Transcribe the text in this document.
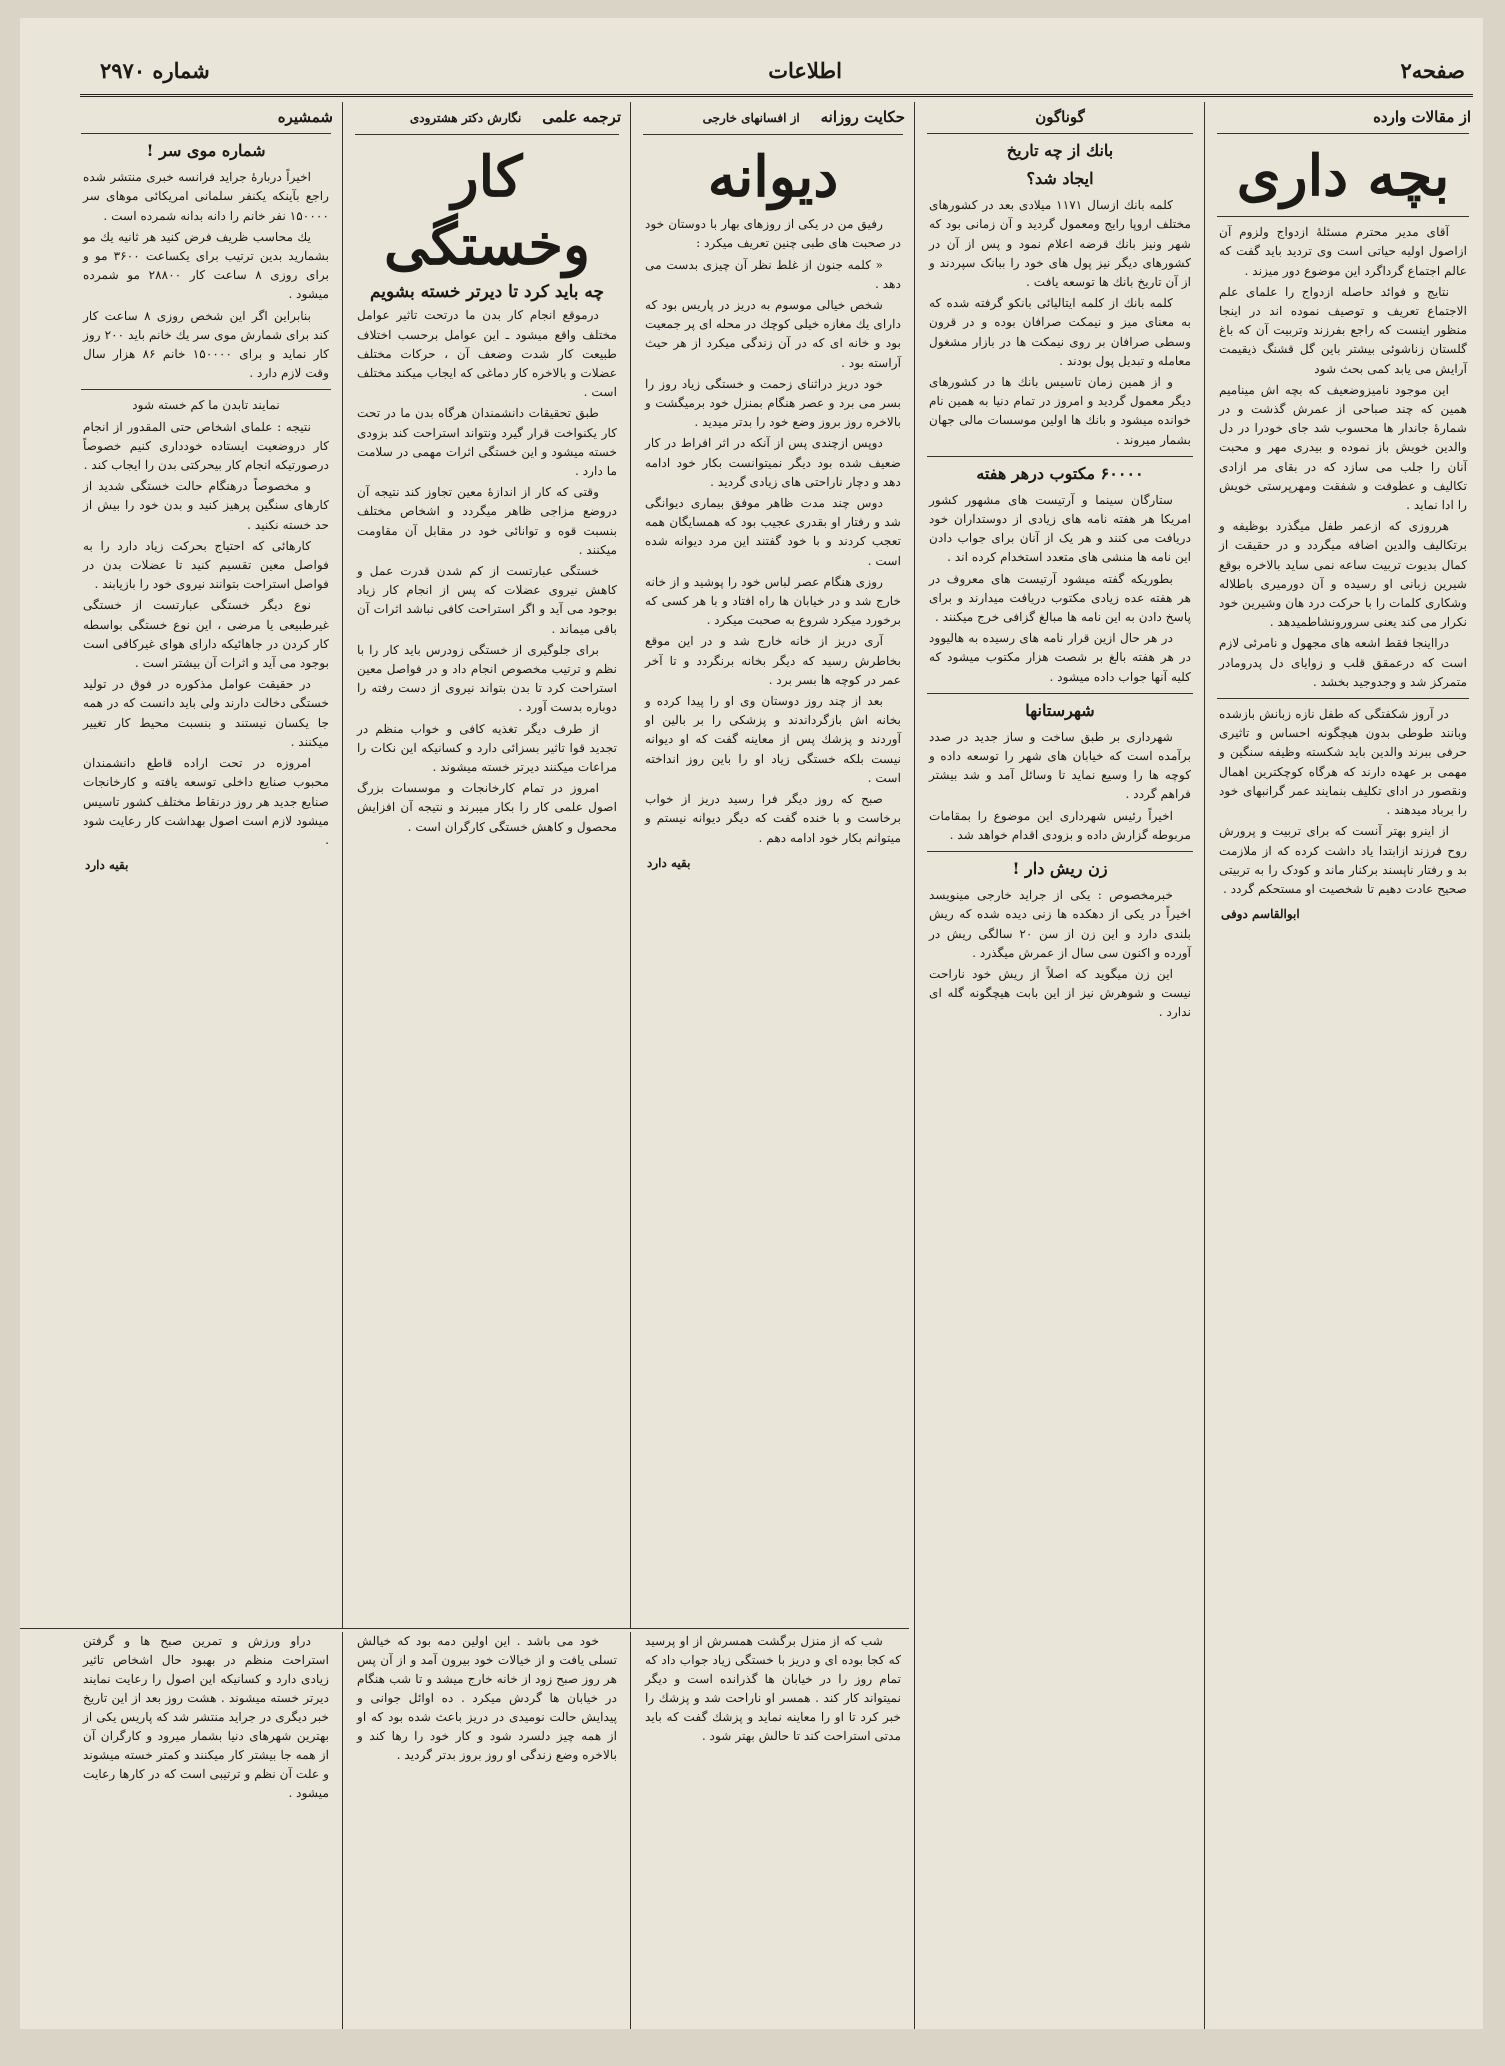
صفحه۲
اطلاعات
شماره ۲۹۷۰
از مقالات وارده
بچه داری

آقای مدیر محترم مسئلهٔ ازدواج ولزوم آن ازاصول اولیه حیاتی است وی تردید باید گفت که عالم اجتماع گرداگرد این موضوع دور میزند .

نتایج و فوائد حاصله ازدواج را علمای علم الاجتماع تعریف و توصیف نموده اند در اینجا منظور اینست که راجع بفرزند وتربیت آن که باغ گلستان زناشوئی بیشتر باین گل قشنگ ذیقیمت آرایش می یابد کمی بحث شود

این موجود نامیزوضعیف که بچه اش مینامیم همین که چند صباحی از عمرش گذشت و در شمارهٔ جاندار ها محسوب شد جای خودرا در دل والدین خویش باز نموده و بیدری مهر و محبت آنان را جلب می سازد که در بقای مر ازادی تکالیف و عطوفت و شفقت ومهرپرستی خویش را ادا نماید .

هرروزی که ازعمر طفل میگذرد بوظیفه و برتکالیف والدین اضافه میگردد و در حقیقت از کمال بدیوت تربیت ساعه نمی ساید بالاخره بوقع شیرین زبانی او رسیده و آن دورمیری باطلاله وشکاری کلمات را با حرکت درد هان وشیرین خود نکرار می کند یعنی سرورونشاطمیدهد .

درااینجا فقط اشعه های مجهول و نامرئی لازم است که درعمقق قلب و زوایای دل پدرومادر متمرکز شد و وجدوجید بخشد .

در آروز شکفتگی که طفل نازه زبانش بازشده وبانند طوطی بدون هیچگونه احساس و تاثیری حرفی ببرند والدین باید شکسته وظیفه سنگین و مهمی بر عهده دارند که هرگاه کوچکترین اهمال ونقصور در ادای تکلیف بنمایند عمر گرانبهای خود را برباد میدهند .

از اینرو بهتر آنست که برای تربیت و پرورش روح فرزند ازابتدا یاد داشت کرده که از ملازمت بد و رفتار ناپسند برکنار ماند و کودک را به تربیتی صحیح عادت دهیم تا شخصیت او مستحکم گردد .

ابوالقاسم دوفی
گوناگون
بانك از چه تاریخ
ایجاد شد؟

کلمه بانك ازسال ۱۱۷۱ میلادی بعد در کشورهای مختلف اروپا رایج ومعمول گردید و آن زمانی بود که شهر ونیز بانك قرضه اعلام نمود و پس از آن در کشورهای دیگر نیز پول های خود را ببانک سپردند و از آن تاریخ بانك ها توسعه یافت .

کلمه بانك از کلمه ایتالیائی بانکو گرفته شده که به معنای میز و نیمکت صرافان بوده و در قرون وسطی صرافان بر روی نیمکت ها در بازار مشغول معامله و تبدیل پول بودند .

و از همین زمان تاسیس بانك ها در کشورهای دیگر معمول گردید و امروز در تمام دنیا به همین نام خوانده میشود و بانك ها اولین موسسات مالی جهان بشمار میروند .

۶۰۰۰۰ مکتوب درهر هفته

ستارگان سینما و آرتیست های مشهور کشور امریکا هر هفته نامه های زیادی از دوستداران خود دریافت می کنند و هر یک از آنان برای جواب دادن این نامه ها منشی های متعدد استخدام کرده اند .

بطوریکه گفته میشود آرتیست های معروف در هر هفته عده زیادی مکتوب دریافت میدارند و برای پاسخ دادن به این نامه ها مبالغ گزافی خرج میکنند .

در هر حال ازین قرار نامه های رسیده به هالیوود در هر هفته بالغ بر شصت هزار مکتوب میشود که کلیه آنها جواب داده میشود .

شهرستانها

شهرداری بر طبق ساخت و ساز جدید در صدد برآمده است که خیابان های شهر را توسعه داده و کوچه ها را وسیع نماید تا وسائل آمد و شد بیشتر فراهم گردد .

اخیراً رئیس شهرداری این موضوع را بمقامات مربوطه گزارش داده و بزودی اقدام خواهد شد .

زن ریش دار !

خبرمخصوص : یکی از جراید خارجی مینویسد اخیراً در یکی از دهکده ها زنی دیده شده که ریش بلندی دارد و این زن از سن ۲۰ سالگی ریش در آورده و اکنون سی سال از عمرش میگذرد .

این زن میگوید که اصلاً از ریش خود ناراحت نیست و شوهرش نیز از این بابت هیچگونه گله ای ندارد .

حکایت روزانه    از افسانهای خارجی
دیوانه

رفیق من در یکی از روزهای بهار با دوستان خود در صحبت های طبی چنین تعریف میکرد :

« کلمه جنون از غلط نظر آن چیزی بدست می دهد .

شخص خیالی موسوم به دریز در پاریس بود که دارای یك مغازه خیلی کوچك در محله ای پر جمعیت بود و خانه ای که در آن زندگی میکرد از هر حیث آراسته بود .

خود دریز دراثنای زحمت و خستگی زیاد روز را بسر می برد و عصر هنگام بمنزل خود برمیگشت و بالاخره روز بروز وضع خود را بدتر میدید .

دوپس ازچندی پس از آنکه در اثر افراط در کار ضعیف شده بود دیگر نمیتوانست بکار خود ادامه دهد و دچار ناراحتی های زیادی گردید .

دوس چند مدت ظاهر موفق بیماری دیوانگی شد و رفتار او بقدری عجیب بود که همسایگان همه تعجب کردند و با خود گفتند این مرد دیوانه شده است .

روزی هنگام عصر لباس خود را پوشید و از خانه خارج شد و در خیابان ها راه افتاد و با هر کسی که برخورد میکرد شروع به صحبت میکرد .

آری دریز از خانه خارج شد و در این موقع بخاطرش رسید که دیگر بخانه برنگردد و تا آخر عمر در کوچه ها بسر برد .

بعد از چند روز دوستان وی او را پیدا کرده و بخانه اش بازگرداندند و پزشکی را بر بالین او آوردند و پزشك پس از معاینه گفت که او دیوانه نیست بلکه خستگی زیاد او را باین روز انداخته است .

صبح که روز دیگر فرا رسید دریز از خواب برخاست و با خنده گفت که دیگر دیوانه نیستم و میتوانم بکار خود ادامه دهم .

بقیه دارد
ترجمه علمی    نگارش دکتر هشترودی
کار وخستگی
چه باید کرد تا دیرتر خسته بشویم

درموقع انجام کار بدن ما درتحت تاثیر عوامل مختلف واقع میشود ـ این عوامل برحسب اختلاف طبیعت کار شدت وضعف آن ، حرکات مختلف عضلات و بالاخره کار دماغی که ایجاب میکند مختلف است .

طبق تحقیقات دانشمندان هرگاه بدن ما در تحت کار یکنواخت قرار گیرد ونتواند استراحت کند بزودی خسته میشود و این خستگی اثرات مهمی در سلامت ما دارد .

وقتی که کار از اندازهٔ معین تجاوز کند نتیجه آن دروضع مزاجی ظاهر میگردد و اشخاص مختلف بنسبت قوه و توانائی خود در مقابل آن مقاومت میکنند .

خستگی عبارتست از کم شدن قدرت عمل و کاهش نیروی عضلات که پس از انجام کار زیاد بوجود می آید و اگر استراحت کافی نباشد اثرات آن باقی میماند .

برای جلوگیری از خستگی زودرس باید کار را با نظم و ترتیب مخصوص انجام داد و در فواصل معین استراحت کرد تا بدن بتواند نیروی از دست رفته را دوباره بدست آورد .

از طرف دیگر تغذیه کافی و خواب منظم در تجدید قوا تاثیر بسزائی دارد و کسانیکه این نکات را مراعات میکنند دیرتر خسته میشوند .

امروز در تمام کارخانجات و موسسات بزرگ اصول علمی کار را بکار میبرند و نتیجه آن افزایش محصول و کاهش خستگی کارگران است .

شمشیره
شماره موی سر !

اخیراً دربارهٔ جراید فرانسه خبری منتشر شده راجع بآینکه یکنفر سلمانی امریکائی موهای سر ۱۵۰۰۰۰ نفر خانم را دانه بدانه شمرده است .

یك محاسب ظریف فرض کنید هر ثانیه یك مو بشمارید بدین ترتیب برای یکساعت ۳۶۰۰ مو و برای روزی ۸ ساعت کار ۲۸۸۰۰ مو شمرده میشود .

بنابراین اگر این شخص روزی ۸ ساعت کار کند برای شمارش موی سر یك خانم باید ۲۰۰ روز کار نماید و برای ۱۵۰۰۰۰ خانم ۸۶ هزار سال وقت لازم دارد .

نمایند تابدن ما کم خسته شود

نتیجه : علمای اشخاص حتی المقدور از انجام کار دروضعیت ایستاده خودداری کنیم خصوصاً درصورتیکه انجام کار بیحرکتی بدن را ایجاب کند .

و مخصوصاً درهنگام حالت خستگی شدید از کارهای سنگین پرهیز کنید و بدن خود را بیش از حد خسته نکنید .

کارهائی که احتیاج بحرکت زیاد دارد را به فواصل معین تقسیم کنید تا عضلات بدن در فواصل استراحت بتوانند نیروی خود را بازیابند .

نوع دیگر خستگی عبارتست از خستگی غیرطبیعی یا مرضی ، این نوع خستگی بواسطه کار کردن در جاهائیکه دارای هوای غیرکافی است بوجود می آید و اثرات آن بیشتر است .

در حقیقت عوامل مذکوره در فوق در تولید خستگی دخالت دارند ولی باید دانست که در همه جا یکسان نیستند و بنسبت محیط کار تغییر میکنند .

امروزه در تحت اراده قاطع دانشمندان محبوب صنایع داخلی توسعه یافته و کارخانجات صنایع جدید هر روز درنقاط مختلف کشور تاسیس میشود لازم است اصول بهداشت کار رعایت شود .

بقیه دارد

شب که از منزل برگشت همسرش از او پرسید که کجا بوده ای و دریز با خستگی زیاد جواب داد که تمام روز را در خیابان ها گذرانده است و دیگر نمیتواند کار کند . همسر او ناراحت شد و پزشك را خبر کرد تا او را معاینه نماید و پزشك گفت که باید مدتی استراحت کند تا حالش بهتر شود .

خود می باشد . این اولین دمه بود که خیالش تسلی یافت و از خیالات خود بیرون آمد و از آن پس هر روز صبح زود از خانه خارج میشد و تا شب هنگام در خیابان ها گردش میکرد . ده اوائل جوانی و پیدایش حالت نومیدی در دریز باعث شده بود که او از همه چیز دلسرد شود و کار خود را رها کند و بالاخره وضع زندگی او روز بروز بدتر گردید .

دراو ورزش و تمرین صبح ها و گرفتن استراحت منظم در بهبود حال اشخاص تاثیر زیادی دارد و کسانیکه این اصول را رعایت نمایند دیرتر خسته میشوند . هشت روز بعد از این تاریخ خبر دیگری در جراید منتشر شد که پاریس یکی از بهترین شهرهای دنیا بشمار میرود و کارگران آن از همه جا بیشتر کار میکنند و کمتر خسته میشوند و علت آن نظم و ترتیبی است که در کارها رعایت میشود .
